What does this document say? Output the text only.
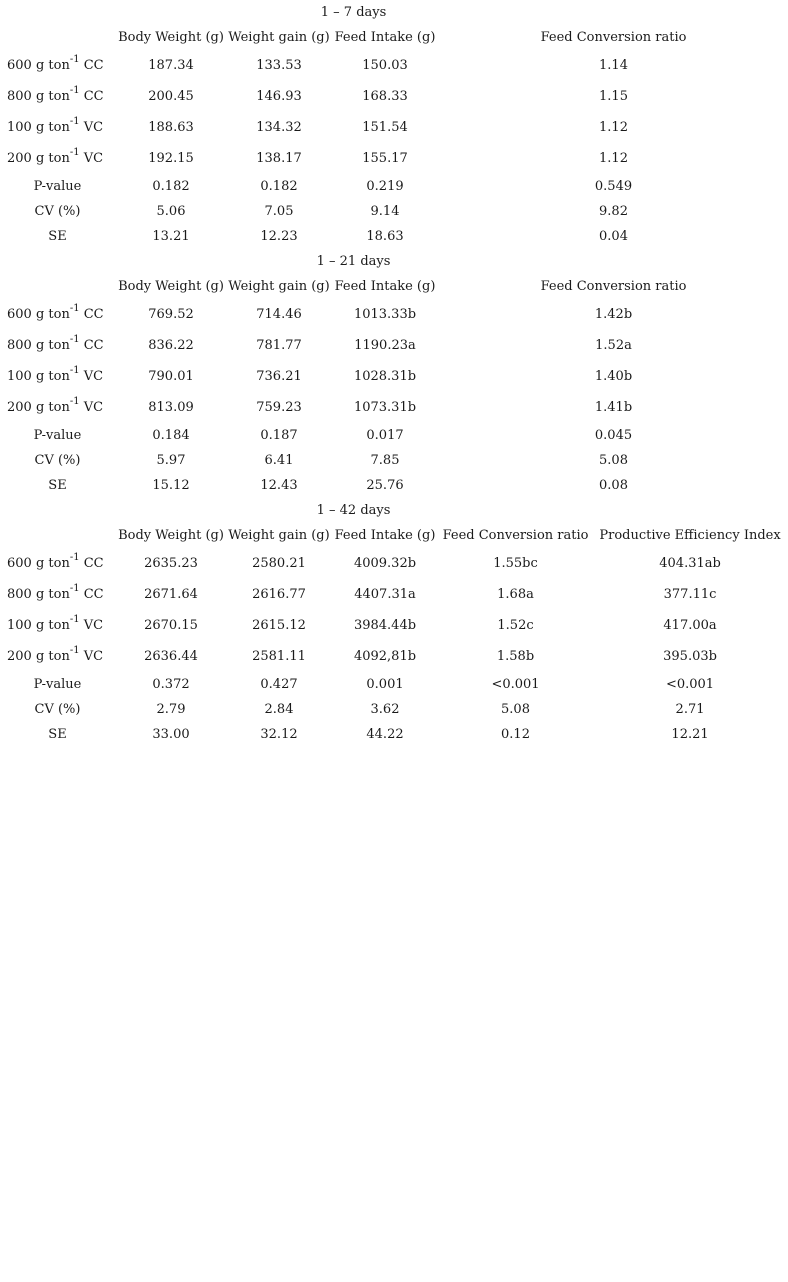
	1 – 7 days				
	Body Weight (g)	Weight gain (g)	Feed Intake (g)	Feed Conversion ratio	
600 g ton$^{-1}$ CC	187.34	133.53	150.03	1.14	
800 g ton$^{-1}$ CC	200.45	146.93	168.33	1.15	
100 g ton$^{-1}$ VC	188.63	134.32	151.54	1.12	
200 g ton$^{-1}$ VC	192.15	138.17	155.17	1.12	
P-value	0.182	0.182	0.219	0.549	
CV (%)	5.06	7.05	9.14	9.82	
SE	13.21	12.23	18.63	0.04	
	1 – 21 days				
	Body Weight (g)	Weight gain (g)	Feed Intake (g)	Feed Conversion ratio	
600 g ton$^{-1}$ CC	769.52	714.46	1013.33b	1.42b	
800 g ton$^{-1}$ CC	836.22	781.77	1190.23a	1.52a	
100 g ton$^{-1}$ VC	790.01	736.21	1028.31b	1.40b	
200 g ton$^{-1}$ VC	813.09	759.23	1073.31b	1.41b	
P-value	0.184	0.187	0.017	0.045	
CV (%)	5.97	6.41	7.85	5.08	
SE	15.12	12.43	25.76	0.08	
	1 – 42 days				
	Body Weight (g)	Weight gain (g)	Feed Intake (g)	Feed Conversion ratio	Productive Efficiency Index
600 g ton$^{-1}$ CC	2635.23	2580.21	4009.32b	1.55bc	404.31ab
800 g ton$^{-1}$ CC	2671.64	2616.77	4407.31a	1.68a	377.11c
100 g ton$^{-1}$ VC	2670.15	2615.12	3984.44b	1.52c	417.00a
200 g ton$^{-1}$ VC	2636.44	2581.11	4092,81b	1.58b	395.03b
P-value	0.372	0.427	0.001	<0.001	<0.001
CV (%)	2.79	2.84	3.62	5.08	2.71
SE	33.00	32.12	44.22	0.12	12.21
